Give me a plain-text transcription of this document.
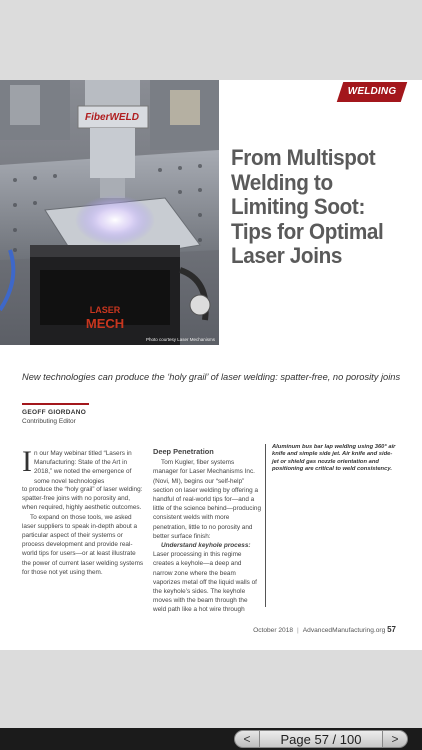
FiberWELD
LASER
MECH
Photo courtesy Laser Mechanisms
WELDING
From Multispot Welding to Limiting Soot: Tips for Optimal Laser Joins

New technologies can produce the ‘holy grail’ of laser welding: spatter-free, no porosity joins

GEOFF GIORDANO
Contributing Editor
I n our May webinar titled “Lasers in Manufacturing: State of the Art in 2018,” we noted the emergence of some novel technologies

to produce the “holy grail” of laser welding: spatter-free joins with no porosity and, when required, highly aesthetic outcomes.

To expand on those tools, we asked laser suppliers to speak in-depth about a particular aspect of their systems or process development and provide real-world tips for users—or at least illustrate the power of current laser welding systems for those not yet using them.

Deep Penetration

Tom Kugler, fiber systems manager for Laser Mechanisms Inc. (Novi, MI), begins our “self-help” section on laser welding by offering a handful of real-world tips for—and a little of the science behind—producing consistent welds with more penetration, little to no porosity and better surface finish:

Understand keyhole process:

Laser processing in this regime creates a keyhole—a deep and narrow zone where the beam vaporizes metal off the liquid walls of the keyhole’s sides. The keyhole moves with the beam through the weld path like a hot wire through

Aluminum bus bar lap welding using 360° air knife and simple side jet. Air knife and side-jet or shield gas nozzle orientation and positioning are critical to weld consistency.

October 2018 | AdvancedManufacturing.org 57
<	Page 57 / 100	>
